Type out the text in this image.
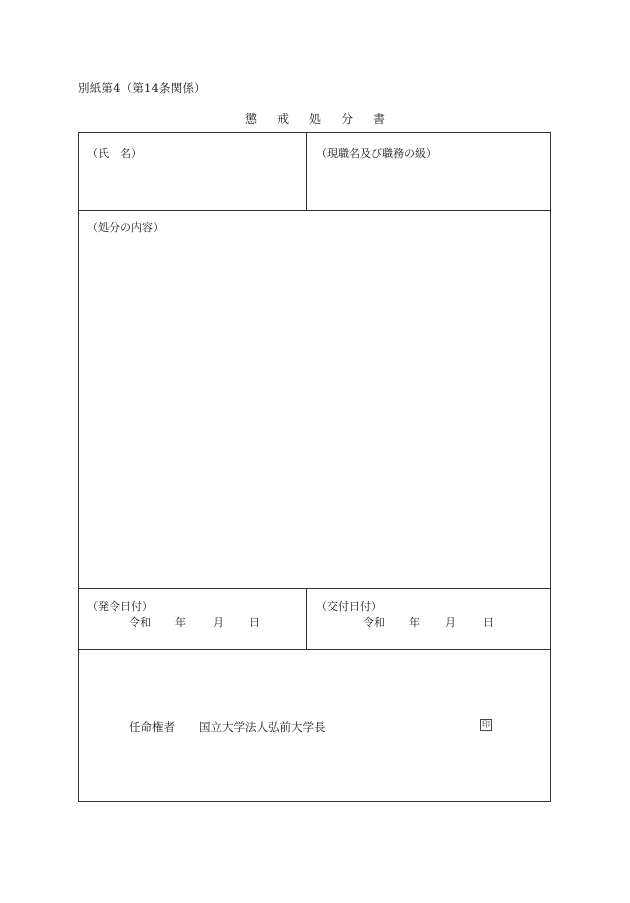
別紙第4（第14条関係）
懲 戒 処 分 書
（氏　名）	（現職名及び職務の級）
（処分の内容）
（発令日付）
令和 年 月 日
（交付日付）
令和 年 月 日
任命権者 国立大学法人弘前大学長	印
